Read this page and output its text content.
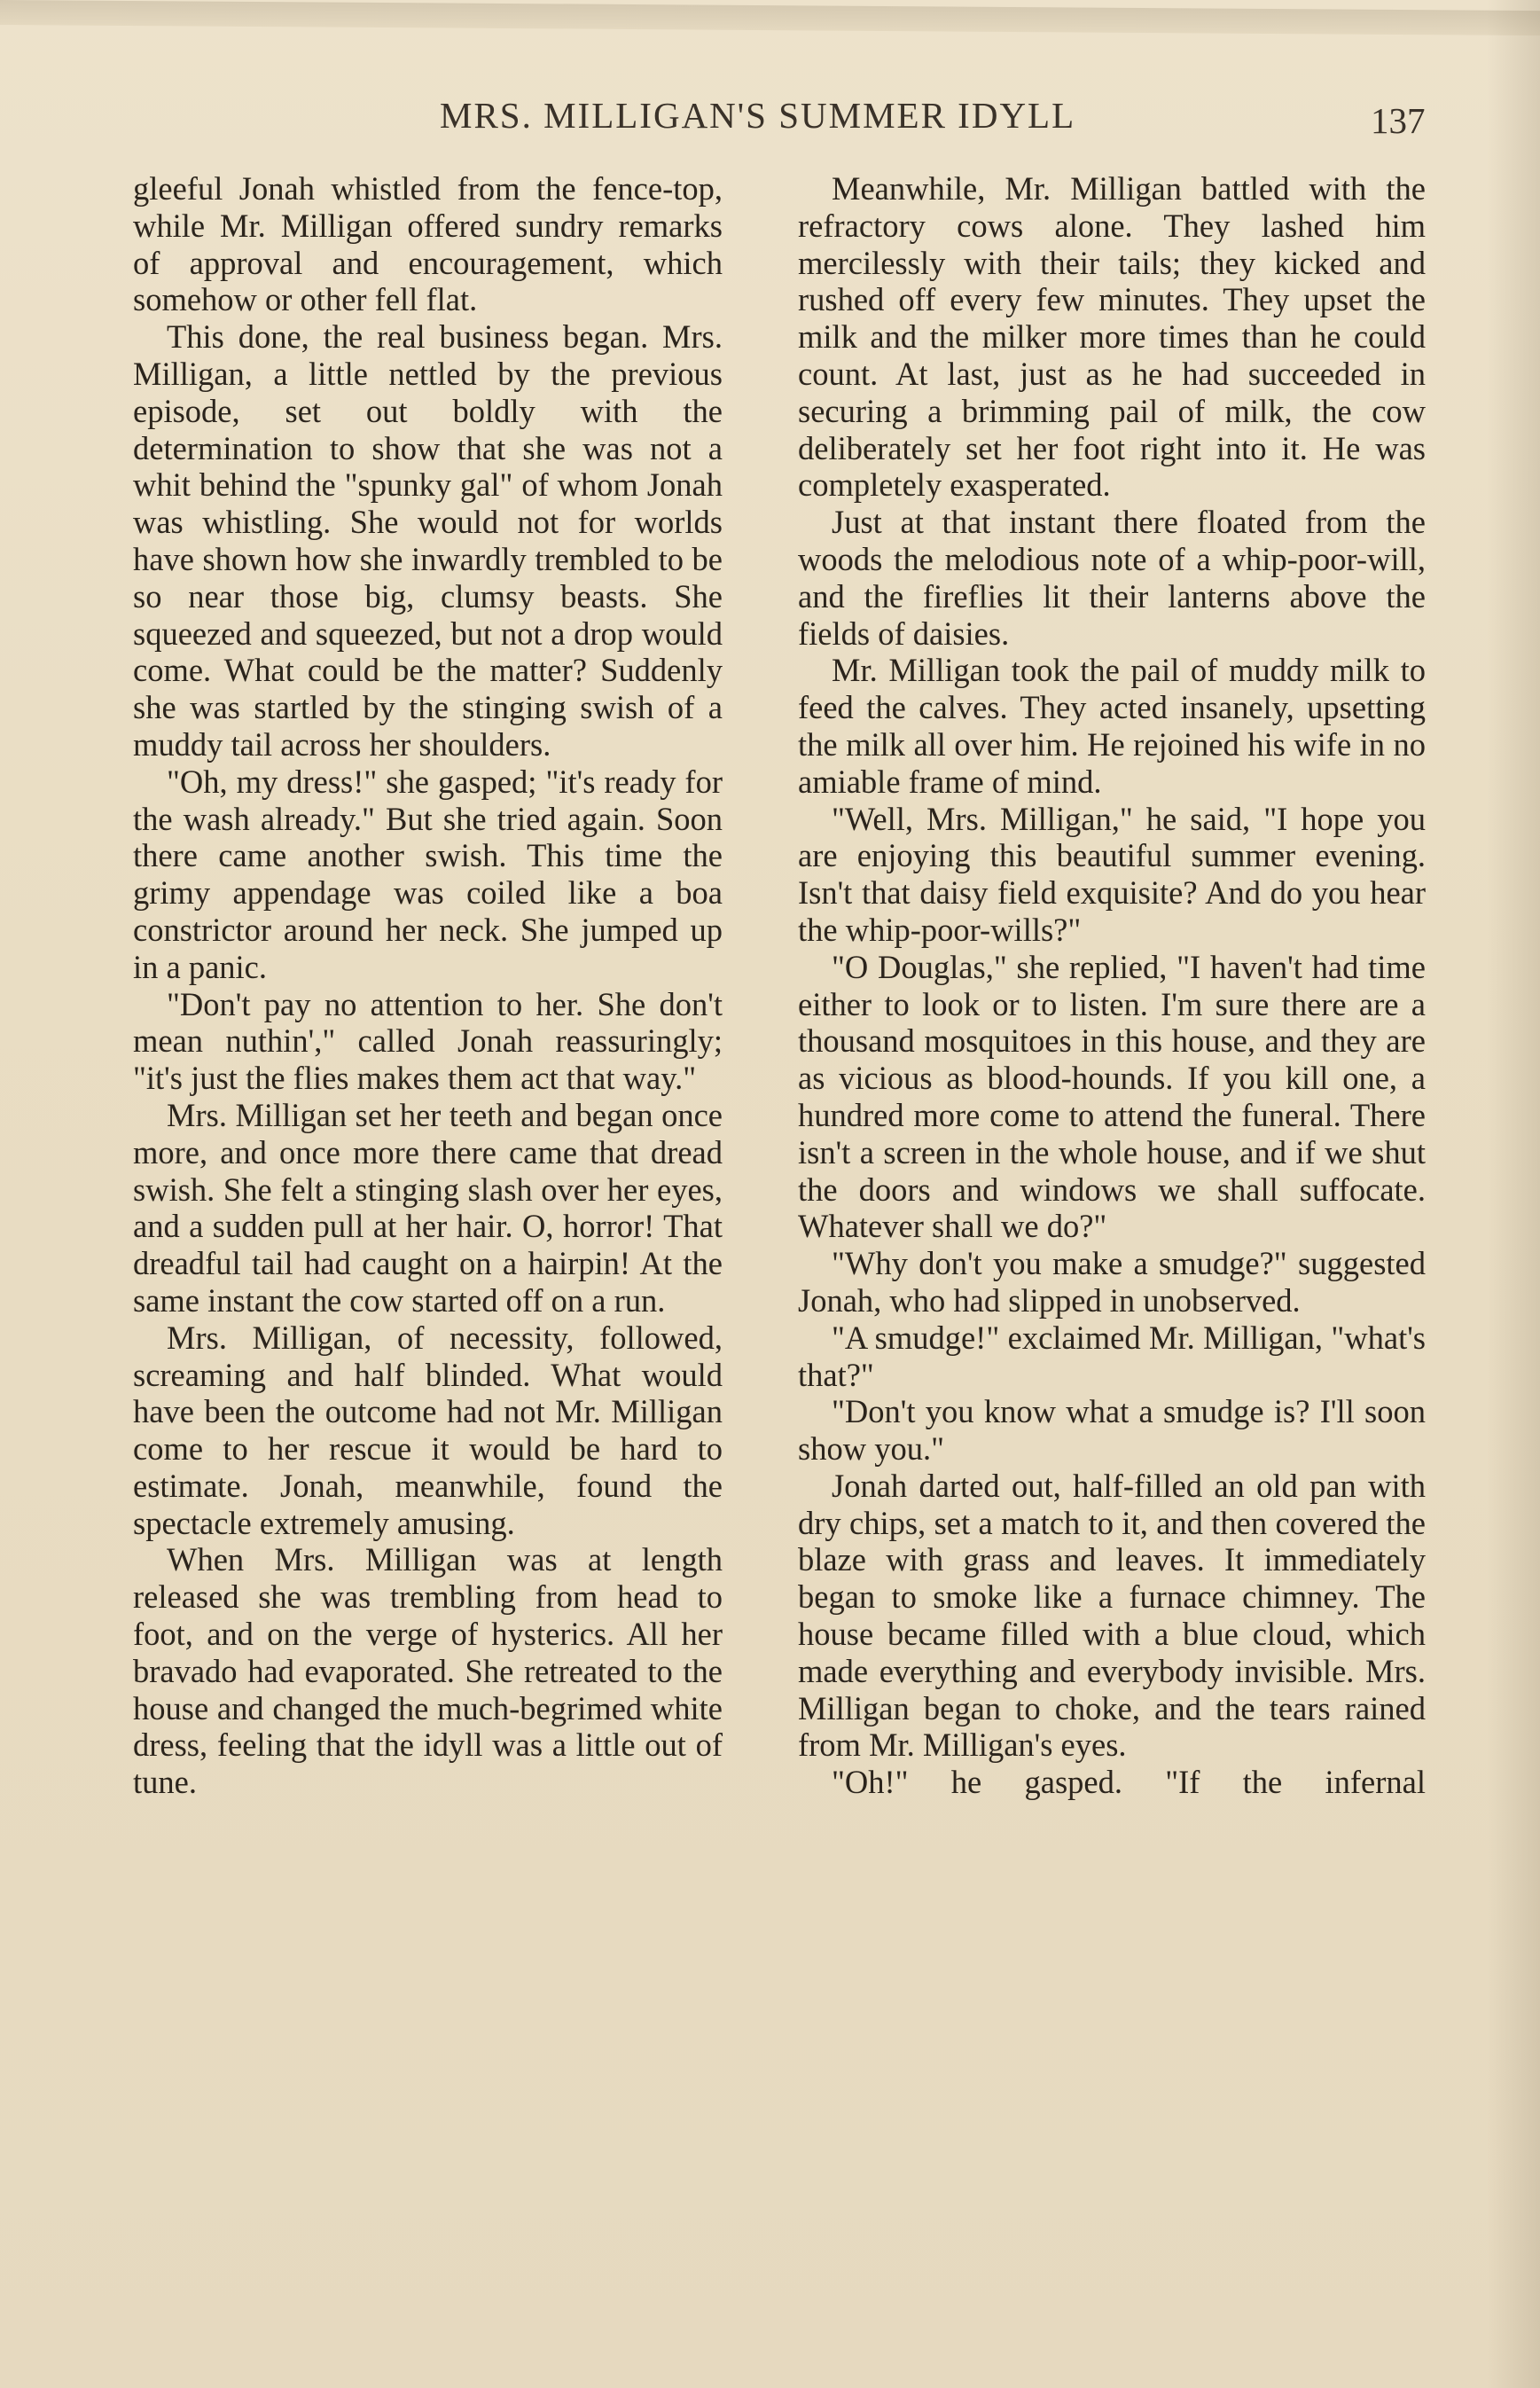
MRS. MILLIGAN'S SUMMER IDYLL	137

gleeful Jonah whistled from the fence-top, while Mr. Milligan offered sundry remarks of approval and encouragement, which somehow or other fell flat.

This done, the real business began. Mrs. Milligan, a little nettled by the previous episode, set out boldly with the determination to show that she was not a whit behind the "spunky gal" of whom Jonah was whistling. She would not for worlds have shown how she inwardly trembled to be so near those big, clumsy beasts. She squeezed and squeezed, but not a drop would come. What could be the matter? Suddenly she was startled by the stinging swish of a muddy tail across her shoulders.

"Oh, my dress!" she gasped; "it's ready for the wash already." But she tried again. Soon there came another swish. This time the grimy appendage was coiled like a boa constrictor around her neck. She jumped up in a panic.

"Don't pay no attention to her. She don't mean nuthin'," called Jonah reassuringly; "it's just the flies makes them act that way."

Mrs. Milligan set her teeth and began once more, and once more there came that dread swish. She felt a stinging slash over her eyes, and a sudden pull at her hair. O, horror! That dreadful tail had caught on a hairpin! At the same instant the cow started off on a run.

Mrs. Milligan, of necessity, followed, screaming and half blinded. What would have been the outcome had not Mr. Milligan come to her rescue it would be hard to estimate. Jonah, meanwhile, found the spectacle extremely amusing.

When Mrs. Milligan was at length released she was trembling from head to foot, and on the verge of hysterics. All her bravado had evaporated. She retreated to the house and changed the much-begrimed white dress, feeling that the idyll was a little out of tune.

Meanwhile, Mr. Milligan battled with the refractory cows alone. They lashed him mercilessly with their tails; they kicked and rushed off every few minutes. They upset the milk and the milker more times than he could count. At last, just as he had succeeded in securing a brimming pail of milk, the cow deliberately set her foot right into it. He was completely exasperated.

Just at that instant there floated from the woods the melodious note of a whip-poor-will, and the fireflies lit their lanterns above the fields of daisies.

Mr. Milligan took the pail of muddy milk to feed the calves. They acted insanely, upsetting the milk all over him. He rejoined his wife in no amiable frame of mind.

"Well, Mrs. Milligan," he said, "I hope you are enjoying this beautiful summer evening. Isn't that daisy field exquisite? And do you hear the whip-poor-wills?"

"O Douglas," she replied, "I haven't had time either to look or to listen. I'm sure there are a thousand mosquitoes in this house, and they are as vicious as blood-hounds. If you kill one, a hundred more come to attend the funeral. There isn't a screen in the whole house, and if we shut the doors and windows we shall suffocate. Whatever shall we do?"

"Why don't you make a smudge?" suggested Jonah, who had slipped in unobserved.

"A smudge!" exclaimed Mr. Milligan, "what's that?"

"Don't you know what a smudge is? I'll soon show you."

Jonah darted out, half-filled an old pan with dry chips, set a match to it, and then covered the blaze with grass and leaves. It immediately began to smoke like a furnace chimney. The house became filled with a blue cloud, which made everything and everybody invisible. Mrs. Milligan began to choke, and the tears rained from Mr. Milligan's eyes.

"Oh!" he gasped. "If the infernal
